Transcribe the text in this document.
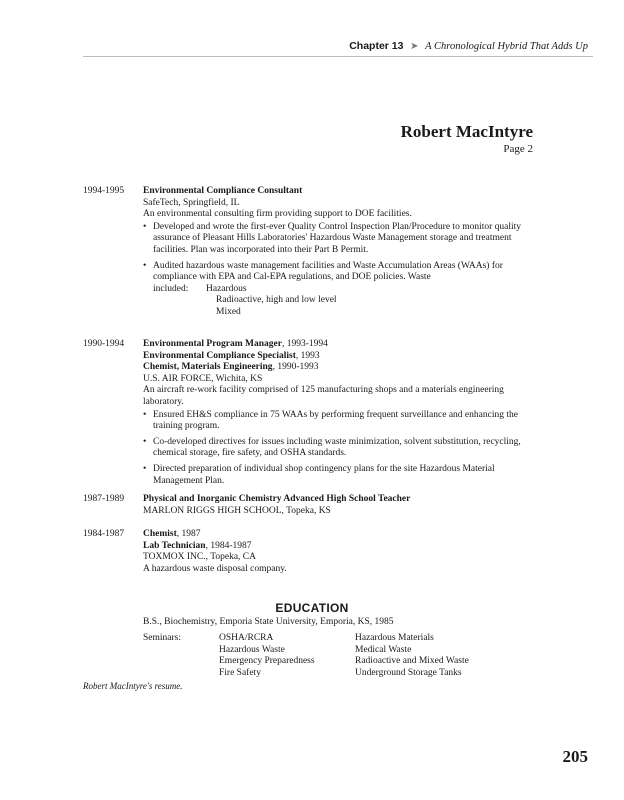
Chapter 13 ➤ A Chronological Hybrid That Adds Up
Robert MacIntyre
Page 2
1994-1995 Environmental Compliance Consultant
SafeTech, Springfield, IL
An environmental consulting firm providing support to DOE facilities.
• Developed and wrote the first-ever Quality Control Inspection Plan/Procedure to monitor quality assurance of Pleasant Hills Laboratories' Hazardous Waste Management storage and treatment facilities. Plan was incorporated into their Part B Permit.
• Audited hazardous waste management facilities and Waste Accumulation Areas (WAAs) for compliance with EPA and Cal-EPA regulations, and DOE policies. Waste
included:	Hazardous
Radioactive, high and low level
Mixed
1990-1994 Environmental Program Manager, 1993-1994
Environmental Compliance Specialist, 1993
Chemist, Materials Engineering, 1990-1993
U.S. AIR FORCE, Wichita, KS
An aircraft re-work facility comprised of 125 manufacturing shops and a materials engineering laboratory.
• Ensured EH&S compliance in 75 WAAs by performing frequent surveillance and enhancing the training program.
• Co-developed directives for issues including waste minimization, solvent substitution, recycling, chemical storage, fire safety, and OSHA standards.
• Directed preparation of individual shop contingency plans for the site Hazardous Material Management Plan.
1987-1989 Physical and Inorganic Chemistry Advanced High School Teacher
MARLON RIGGS HIGH SCHOOL, Topeka, KS
1984-1987 Chemist, 1987
Lab Technician, 1984-1987
TOXMOX INC., Topeka, CA
A hazardous waste disposal company.
EDUCATION
B.S., Biochemistry, Emporia State University, Emporia, KS, 1985
Seminars:	OSHA/RCRA
Hazardous Waste
Emergency Preparedness
Fire Safety
Hazardous Materials
Medical Waste
Radioactive and Mixed Waste
Underground Storage Tanks
Robert MacIntyre's resume.
205
